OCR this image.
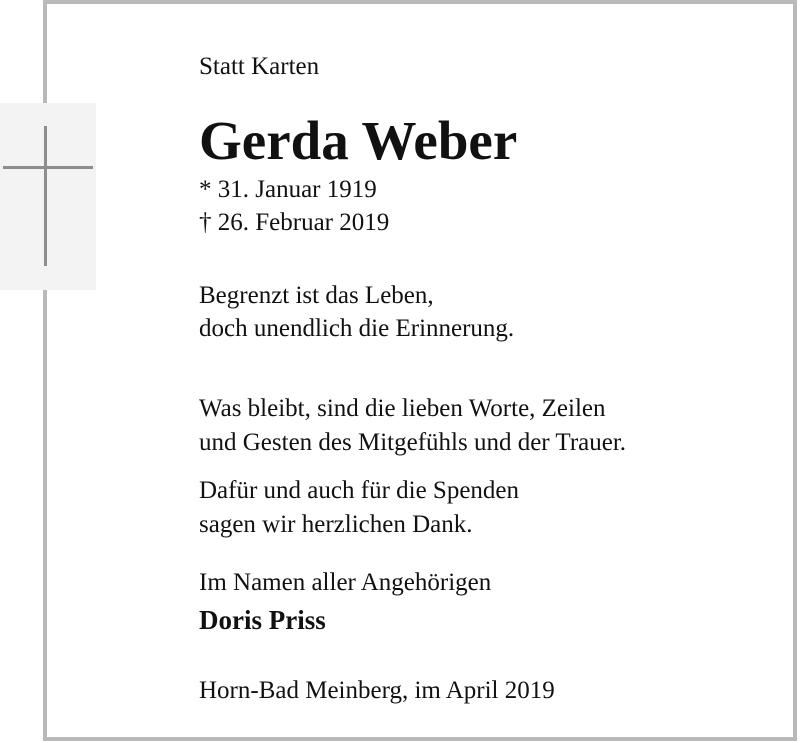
Statt Karten
Gerda Weber
* 31. Januar 1919
† 26. Februar 2019
Begrenzt ist das Leben,
doch unendlich die Erinnerung.
Was bleibt, sind die lieben Worte, Zeilen
und Gesten des Mitgefühls und der Trauer.
Dafür und auch für die Spenden
sagen wir herzlichen Dank.
Im Namen aller Angehörigen
Doris Priss
Horn-Bad Meinberg, im April 2019
